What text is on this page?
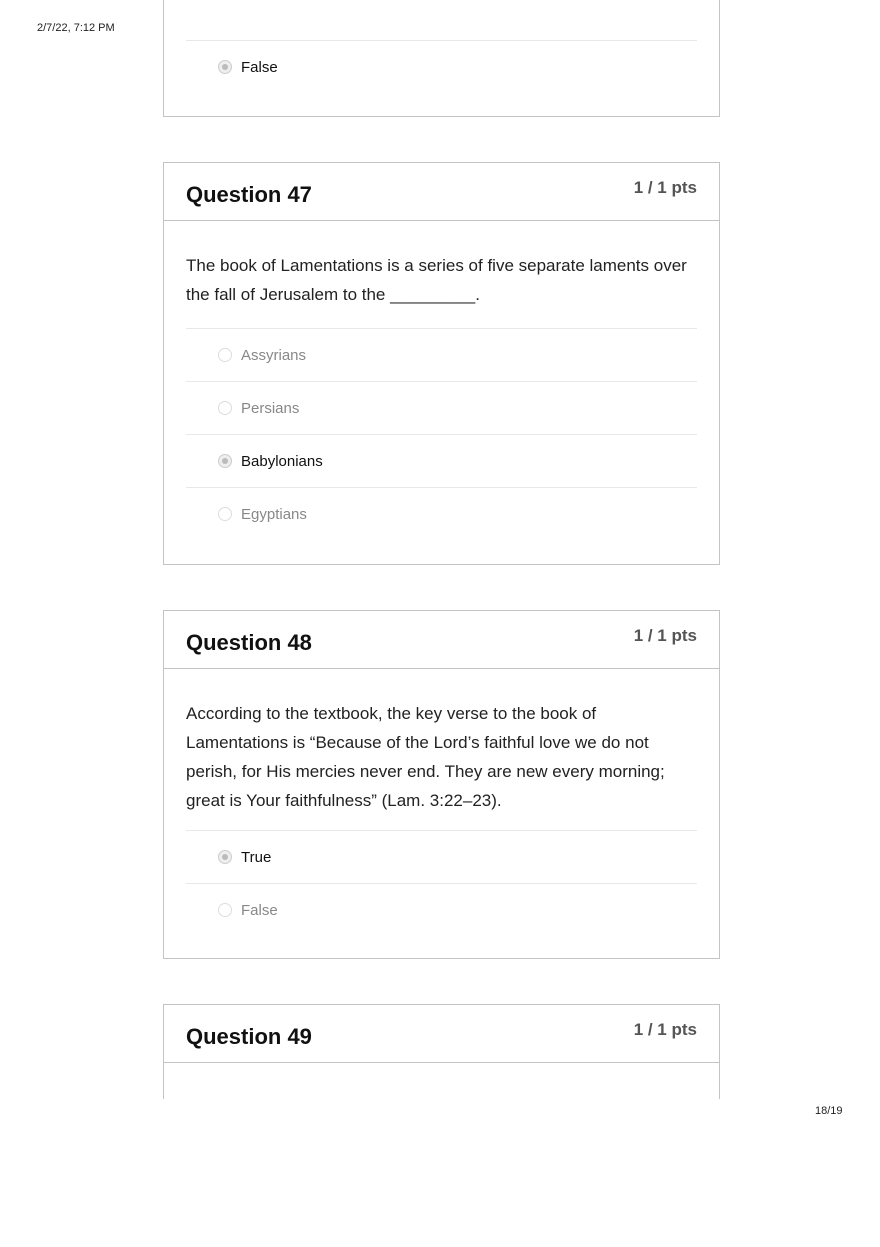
2/7/22, 7:12 PM
18/19
False
Question 47	1 / 1 pts
The book of Lamentations is a series of five separate laments over the fall of Jerusalem to the _________.
Assyrians
Persians
Babylonians
Egyptians
Question 48	1 / 1 pts
According to the textbook, the key verse to the book of Lamentations is “Because of the Lord’s faithful love we do not perish, for His mercies never end. They are new every morning; great is Your faithfulness” (Lam. 3:22–23).
True
False
Question 49	1 / 1 pts
